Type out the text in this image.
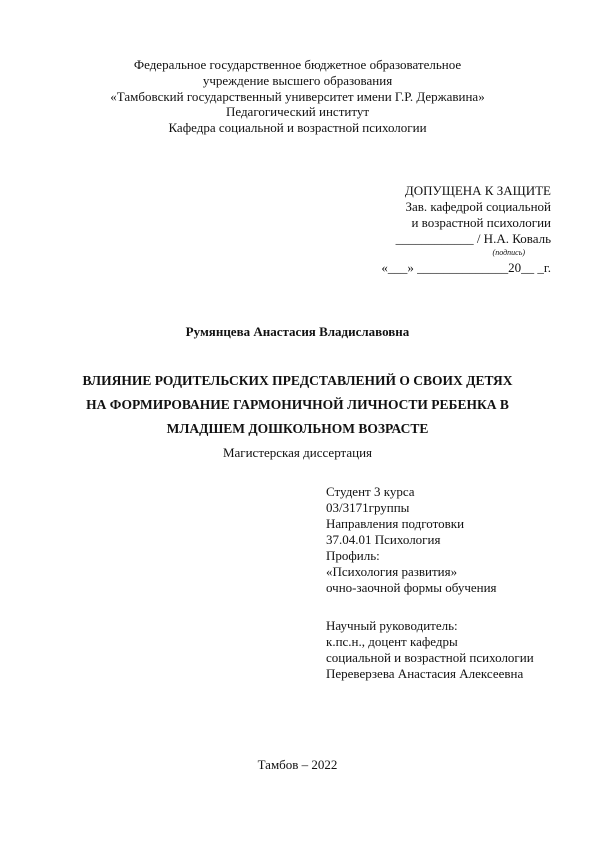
Федеральное государственное бюджетное образовательное
учреждение высшего образования
«Тамбовский государственный университет имени Г.Р. Державина»
Педагогический институт
Кафедра социальной и возрастной психологии
ДОПУЩЕНА К ЗАЩИТЕ
Зав. кафедрой социальной
и возрастной психологии
____________ / Н.А. Коваль
(подпись)
«___» ______________20__ _г.
Румянцева Анастасия Владиславовна
ВЛИЯНИЕ РОДИТЕЛЬСКИХ ПРЕДСТАВЛЕНИЙ О СВОИХ ДЕТЯХ
НА ФОРМИРОВАНИЕ ГАРМОНИЧНОЙ ЛИЧНОСТИ РЕБЕНКА В
МЛАДШЕМ ДОШКОЛЬНОМ ВОЗРАСТЕ
Магистерская диссертация
Студент 3 курса
03/3171группы
Направления подготовки
37.04.01 Психология
Профиль:
«Психология развития»
очно-заочной формы обучения
Научный руководитель:
к.пс.н., доцент кафедры
социальной и возрастной психологии
Переверзева Анастасия Алексеевна
Тамбов – 2022
